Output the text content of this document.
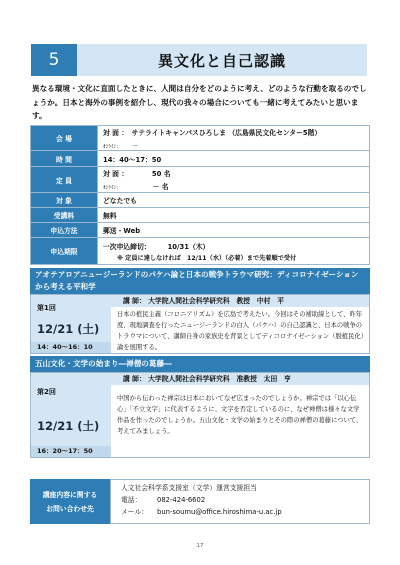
5	異文化と自己認識
異なる環境・文化に直面したときに、人間は自分をどのように考え、どのような行動を取るのでしょうか。日本と海外の事例を紹介し、現代の我々の場合についても一緒に考えてみたいと思います。
会 場	対 面 ：　 サテライトキャンパスひろしま （広島県民文化センター5階）
ｵﾝﾗｲﾝ：　　 －

時 間	14：40～17：50
定 員	対 面 ：　　　　 50 名
ｵﾝﾗｲﾝ：　　　　　 － 名

対 象	どなたでも
受講料	無料
申込方法	郵送・Web
申込期限	一次申込締切：　　　10/31（木）
※ 定員に達しなければ　12/11（水）（必着）まで先着順で受付
アオテアロアニュージーランドのパケハ論と日本の戦争トラウマ研究：ディコロナイゼーションから考える平和学
第1回
12/21 (土)
14：40～16：10
講 師： 大学院人間社会科学研究科　教授　中村　平
日本の植民主義（コロニアリズム）を広島で考えたい。今回はその補助線として、昨年度、現地調査を行ったニュージーランドの白人（パケハ）の自己認識と、日本の戦争のトラウマについて、講師自身の家族史を背景としてディコロナイゼーション（脱植民化）論を展開する。
五山文化・文学の始まり―禅僧の葛藤―
第2回
12/21 (土)
16：20～17：50
講 師： 大学院人間社会科学研究科　准教授　太田　亨
中国から伝わった禅宗は日本においてなぜ広まったのでしょうか。禅宗では「以心伝心」「不立文字」に代表するように、文字を否定しているのに、なぜ禅僧は様々な文学作品を作ったのでしょうか。五山文化・文学の始まりとその際の禅僧の葛藤について、考えてみましょう。
講座内容に関する
お問い合わせ先
人文社会科学系支援室（文学）運営支援担当
電話： 082-424-6602
メール： bun-soumu@office.hiroshima-u.ac.jp
17
